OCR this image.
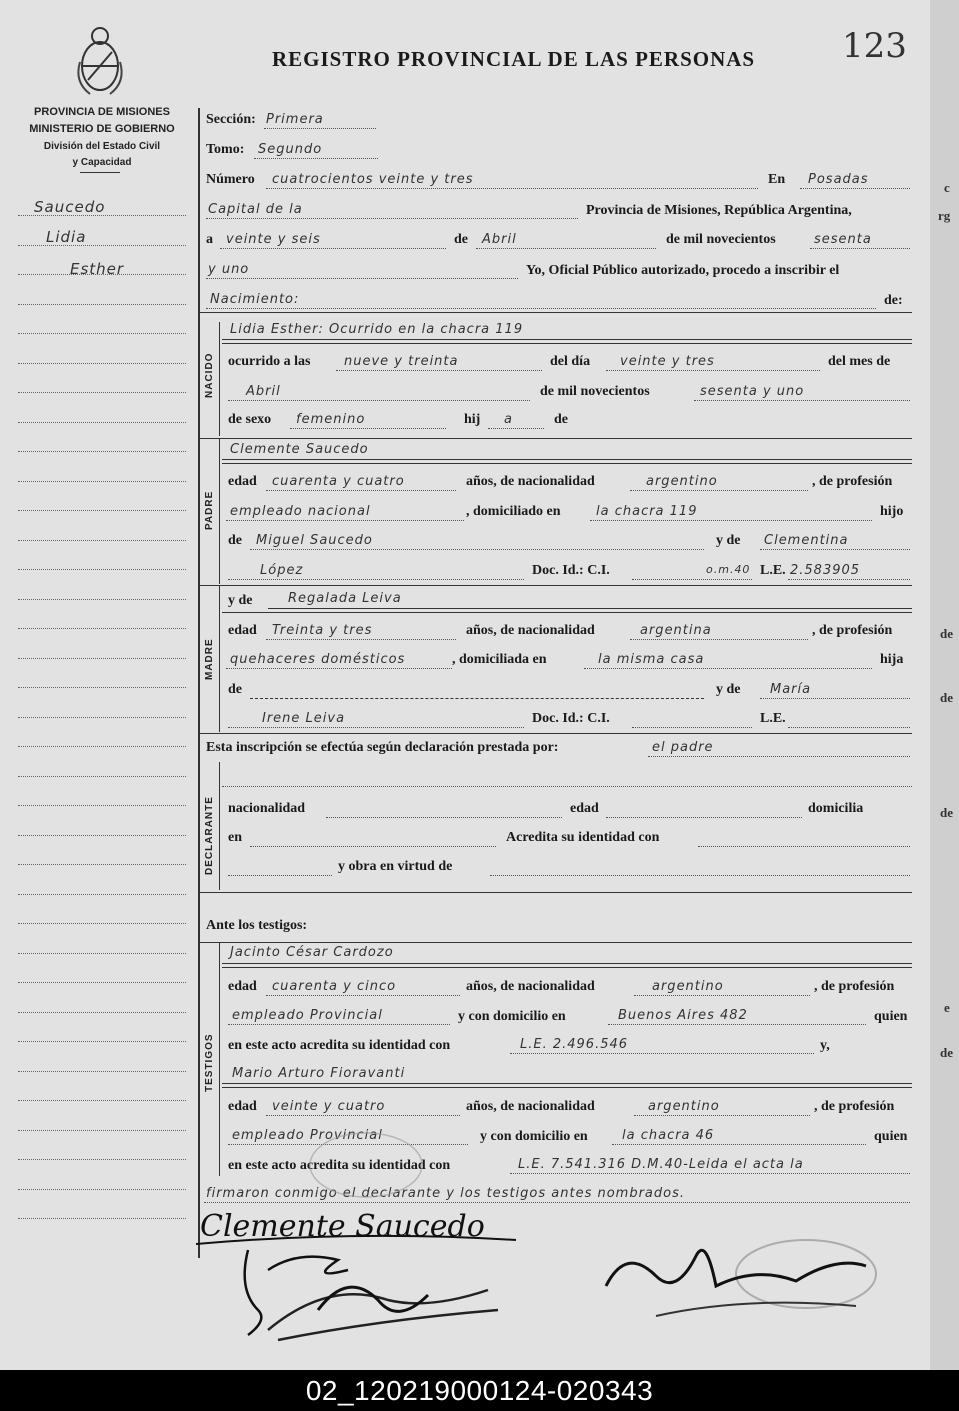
c
rg
de
de
de
e
de
PROVINCIA DE MISIONES
MINISTERIO DE GOBIERNO
División del Estado Civil
y Capacidad
REGISTRO PROVINCIAL DE LAS PERSONAS	123
Saucedo
Lidia
Esther
Sección: Primera
Tomo: Segundo
Número cuatrocientos veinte y tres	En Posadas
Capital de la	Provincia de Misiones, República Argentina,
a veinte y seis	de Abril	de mil novecientos	sesenta
y uno	Yo, Oficial Público autorizado, procedo a inscribir el
Nacimiento:	de:
NACIDO
Lidia Esther: Ocurrido en la chacra 119
ocurrido a las	nueve y treinta	del día veinte y tres	del mes de
Abril	de mil novecientos	sesenta y uno
de sexo femenino	hij a	de
PADRE
Clemente Saucedo
edad cuarenta y cuatro	años, de nacionalidad	argentino	, de profesión
empleado nacional	, domiciliado en	la chacra 119	hijo
de Miguel Saucedo	y de Clementina
López	Doc. Id.: C.I.	o.m.40 L.E. 2.583905
MADRE
y de	Regalada Leiva
edad Treinta y tres	años, de nacionalidad	argentina	, de profesión
quehaceres domésticos	, domiciliada en	la misma casa	hija
de	y de María
Irene Leiva	Doc. Id.: C.I.	L.E.
Esta inscripción se efectúa según declaración prestada por:	el padre
DECLARANTE nacionalidad	edad	domicilia
en	Acredita su identidad con
y obra en virtud de
Ante los testigos:
TESTIGOS
Jacinto César Cardozo
edad cuarenta y cinco	años, de nacionalidad	argentino	, de profesión
empleado Provincial	y con domicilio en	Buenos Aires 482	quien
en este acto acredita su identidad con	L.E. 2.496.546	y,
Mario Arturo Fioravanti
edad veinte y cuatro	años, de nacionalidad	argentino	, de profesión
empleado Provincial	y con domicilio en	la chacra 46	quien
en este acto acredita su identidad con	L.E. 7.541.316 D.M.40-Leida el acta la
firmaron conmigo el declarante y los testigos antes nombrados.
Clemente Saucedo
02_120219000124-020343
